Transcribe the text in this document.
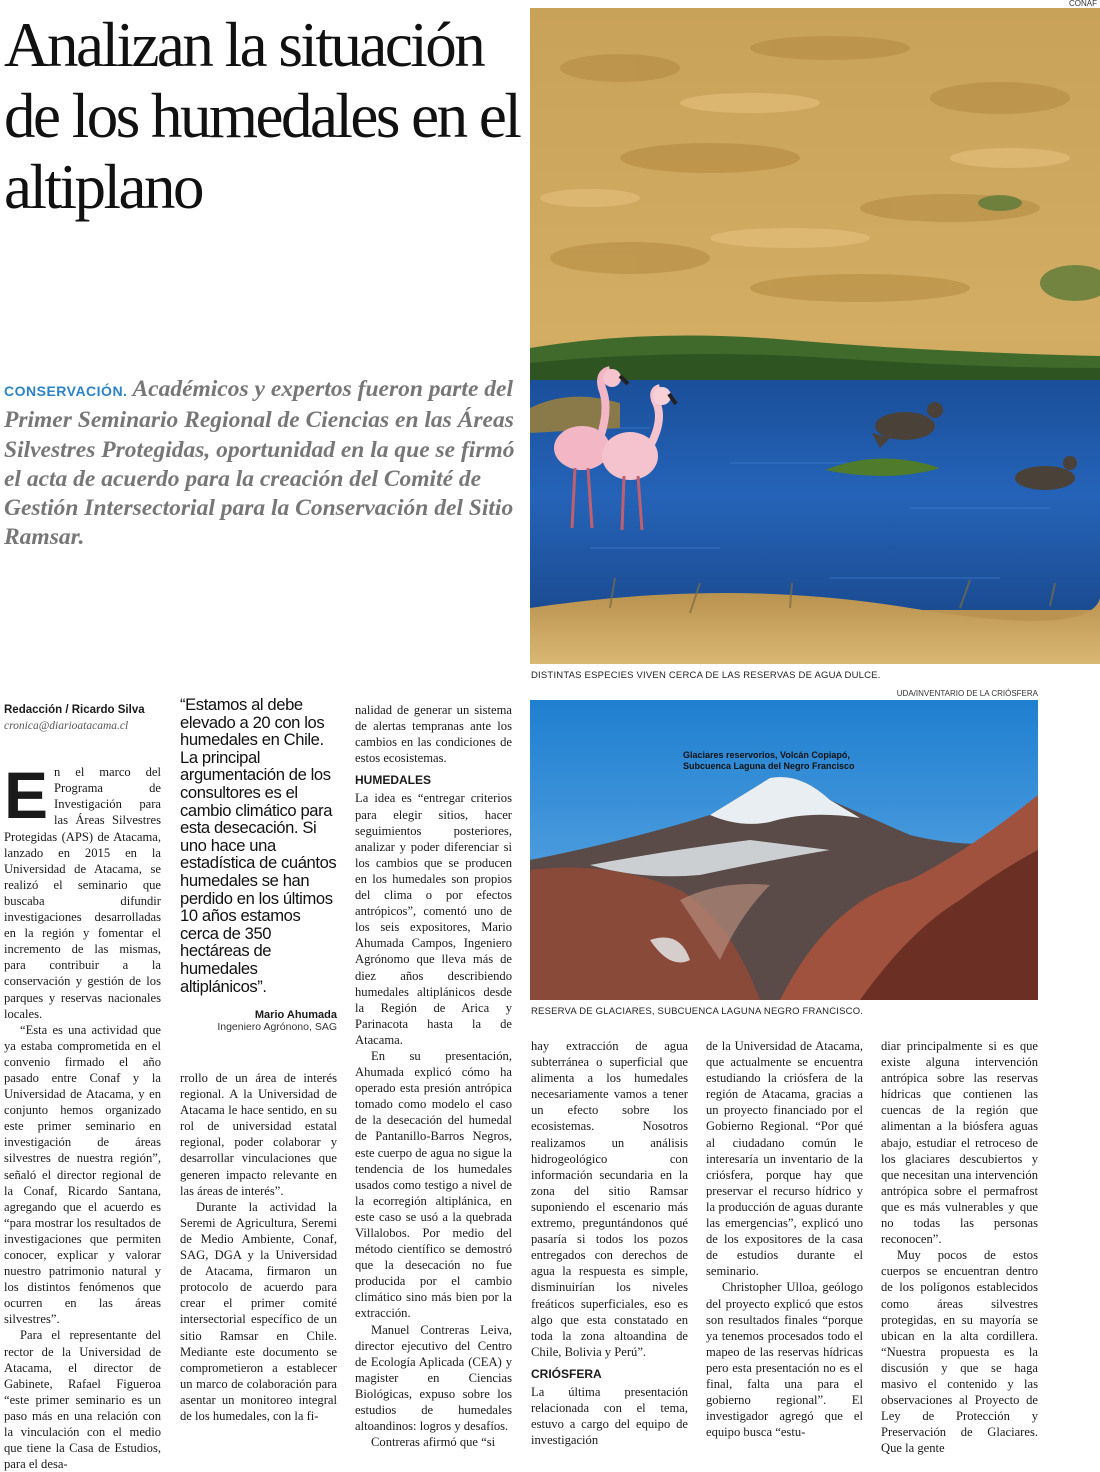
Analizan la situación de los humedales en el altiplano
CONSERVACIÓN. Académicos y expertos fueron parte del Primer Seminario Regional de Ciencias en las Áreas Silvestres Protegidas, oportunidad en la que se firmó el acta de acuerdo para la creación del Comité de Gestión Intersectorial para la Conservación del Sitio Ramsar.
CONAF
DISTINTAS ESPECIES VIVEN CERCA DE LAS RESERVAS DE AGUA DULCE.
UDA/INVENTARIO DE LA CRIÓSFERA
Glaciares reservorios, Volcán Copiapó, Subcuenca Laguna del Negro Francisco
RESERVA DE GLACIARES, SUBCUENCA LAGUNA NEGRO FRANCISCO.
Redacción / Ricardo Silva
cronica@diarioatacama.cl

En el marco del Programa de Investigación para las Áreas Silvestres Protegidas (APS) de Atacama, lanzado en 2015 en la Universidad de Atacama, se realizó el seminario que buscaba difundir investigaciones desarrolladas en la región y fomentar el incremento de las mismas, para contribuir a la conservación y gestión de los parques y reservas nacionales locales.

“Esta es una actividad que ya estaba comprometida en el convenio firmado el año pasado entre Conaf y la Universidad de Atacama, y en conjunto hemos organizado este primer seminario en investigación de áreas silvestres de nuestra región”, señaló el director regional de la Conaf, Ricardo Santana, agregando que el acuerdo es “para mostrar los resultados de investigaciones que permiten conocer, explicar y valorar nuestro patrimonio natural y los distintos fenómenos que ocurren en las áreas silvestres”.

Para el representante del rector de la Universidad de Atacama, el director de Gabinete, Rafael Figueroa “este primer seminario es un paso más en una relación con la vinculación con el medio que tiene la Casa de Estudios, para el desa-

“Estamos al debe elevado a 20 con los humedales en Chile. La principal argumentación de los consultores es el cambio climático para esta desecación. Si uno hace una estadística de cuántos humedales se han perdido en los últimos 10 años estamos cerca de 350 hectáreas de humedales altiplánicos”.
Mario Ahumada
Ingeniero Agrónono, SAG

rrollo de un área de interés regional. A la Universidad de Atacama le hace sentido, en su rol de universidad estatal regional, poder colaborar y desarrollar vinculaciones que generen impacto relevante en las áreas de interés”.

Durante la actividad la Seremi de Agricultura, Seremi de Medio Ambiente, Conaf, SAG, DGA y la Universidad de Atacama, firmaron un protocolo de acuerdo para crear el primer comité intersectorial específico de un sitio Ramsar en Chile. Mediante este documento se comprometieron a establecer un marco de colaboración para asentar un monitoreo integral de los humedales, con la fi-

nalidad de generar un sistema de alertas tempranas ante los cambios en las condiciones de estos ecosistemas.

HUMEDALES

La idea es “entregar criterios para elegir sitios, hacer seguimientos posteriores, analizar y poder diferenciar si los cambios que se producen en los humedales son propios del clima o por efectos antrópicos”, comentó uno de los seis expositores, Mario Ahumada Campos, Ingeniero Agrónomo que lleva más de diez años describiendo humedales altiplánicos desde la Región de Arica y Parinacota hasta la de Atacama.

En su presentación, Ahumada explicó cómo ha operado esta presión antrópica tomado como modelo el caso de la desecación del humedal de Pantanillo-Barros Negros, este cuerpo de agua no sigue la tendencia de los humedales usados como testigo a nivel de la ecorregión altiplánica, en este caso se usó a la quebrada Villalobos. Por medio del método científico se demostró que la desecación no fue producida por el cambio climático sino más bien por la extracción.

Manuel Contreras Leiva, director ejecutivo del Centro de Ecología Aplicada (CEA) y magister en Ciencias Biológicas, expuso sobre los estudios de humedales altoandinos: logros y desafíos.

Contreras afirmó que “si

hay extracción de agua subterránea o superficial que alimenta a los humedales necesariamente vamos a tener un efecto sobre los ecosistemas. Nosotros realizamos un análisis hidrogeológico con información secundaria en la zona del sitio Ramsar suponiendo el escenario más extremo, preguntándonos qué pasaría si todos los pozos entregados con derechos de agua la respuesta es simple, disminuirían los niveles freáticos superficiales, eso es algo que esta constatado en toda la zona altoandina de Chile, Bolivia y Perú”.

CRIÓSFERA

La última presentación relacionada con el tema, estuvo a cargo del equipo de investigación

de la Universidad de Atacama, que actualmente se encuentra estudiando la criósfera de la región de Atacama, gracias a un proyecto financiado por el Gobierno Regional. “Por qué al ciudadano común le interesaría un inventario de la criósfera, porque hay que preservar el recurso hídrico y la producción de aguas durante las emergencias”, explicó uno de los expositores de la casa de estudios durante el seminario.

Christopher Ulloa, geólogo del proyecto explicó que estos son resultados finales “porque ya tenemos procesados todo el mapeo de las reservas hídricas pero esta presentación no es el final, falta una para el gobierno regional”. El investigador agregó que el equipo busca “estu-

diar principalmente si es que existe alguna intervención antrópica sobre las reservas hídricas que contienen las cuencas de la región que alimentan a la biósfera aguas abajo, estudiar el retroceso de los glaciares descubiertos y que necesitan una intervención antrópica sobre el permafrost que es más vulnerables y que no todas las personas reconocen”.

Muy pocos de estos cuerpos se encuentran dentro de los polígonos establecidos como áreas silvestres protegidas, en su mayoría se ubican en la alta cordillera. “Nuestra propuesta es la discusión y que se haga masivo el contenido y las observaciones al Proyecto de Ley de Protección y Preservación de Glaciares. Que la gente
